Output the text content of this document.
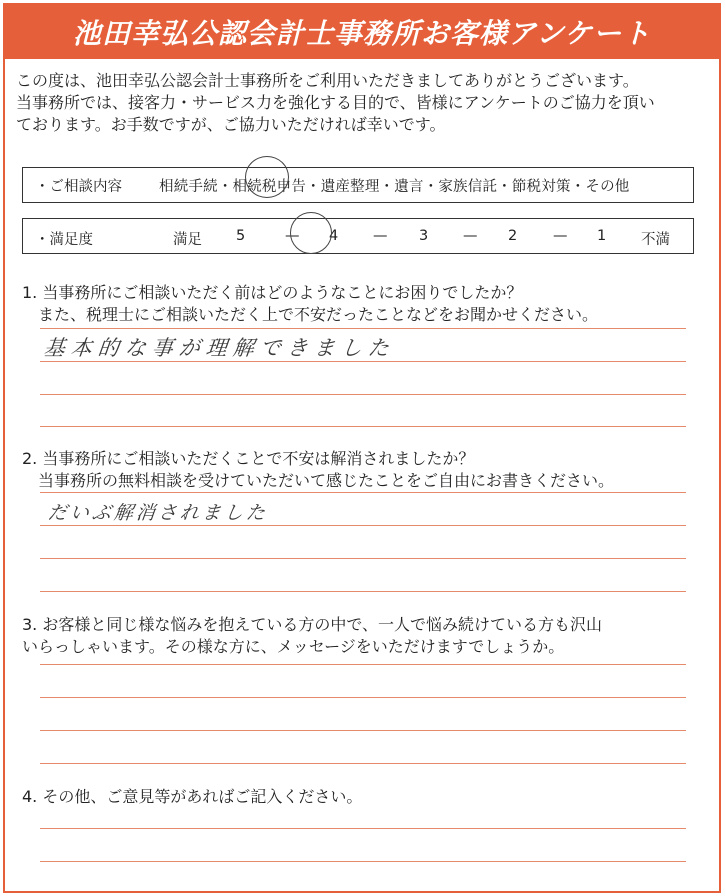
池田幸弘公認会計士事務所お客様アンケート

この度は、池田幸弘公認会計士事務所をご利用いただきましてありがとうございます。

当事務所では、接客力・サービス力を強化する目的で、皆様にアンケートのご協力を頂い

ております。お手数ですが、ご協力いただければ幸いです。

・ご相談内容	相続手続・相続税申告・遺産整理・遺言・家族信託・節税対策・その他
・満足度	満足 5	— 4 — 3 — 2 — 1 不満

1. 当事務所にご相談いただく前はどのようなことにお困りでしたか？

また、税理士にご相談いただく上で不安だったことなどをお聞かせください。

基本的な事が理解できました

2. 当事務所にご相談いただくことで不安は解消されましたか？

当事務所の無料相談を受けていただいて感じたことをご自由にお書きください。

だいぶ解消されました

3. お客様と同じ様な悩みを抱えている方の中で、一人で悩み続けている方も沢山

いらっしゃいます。その様な方に、メッセージをいただけますでしょうか。

4. その他、ご意見等があればご記入ください。
